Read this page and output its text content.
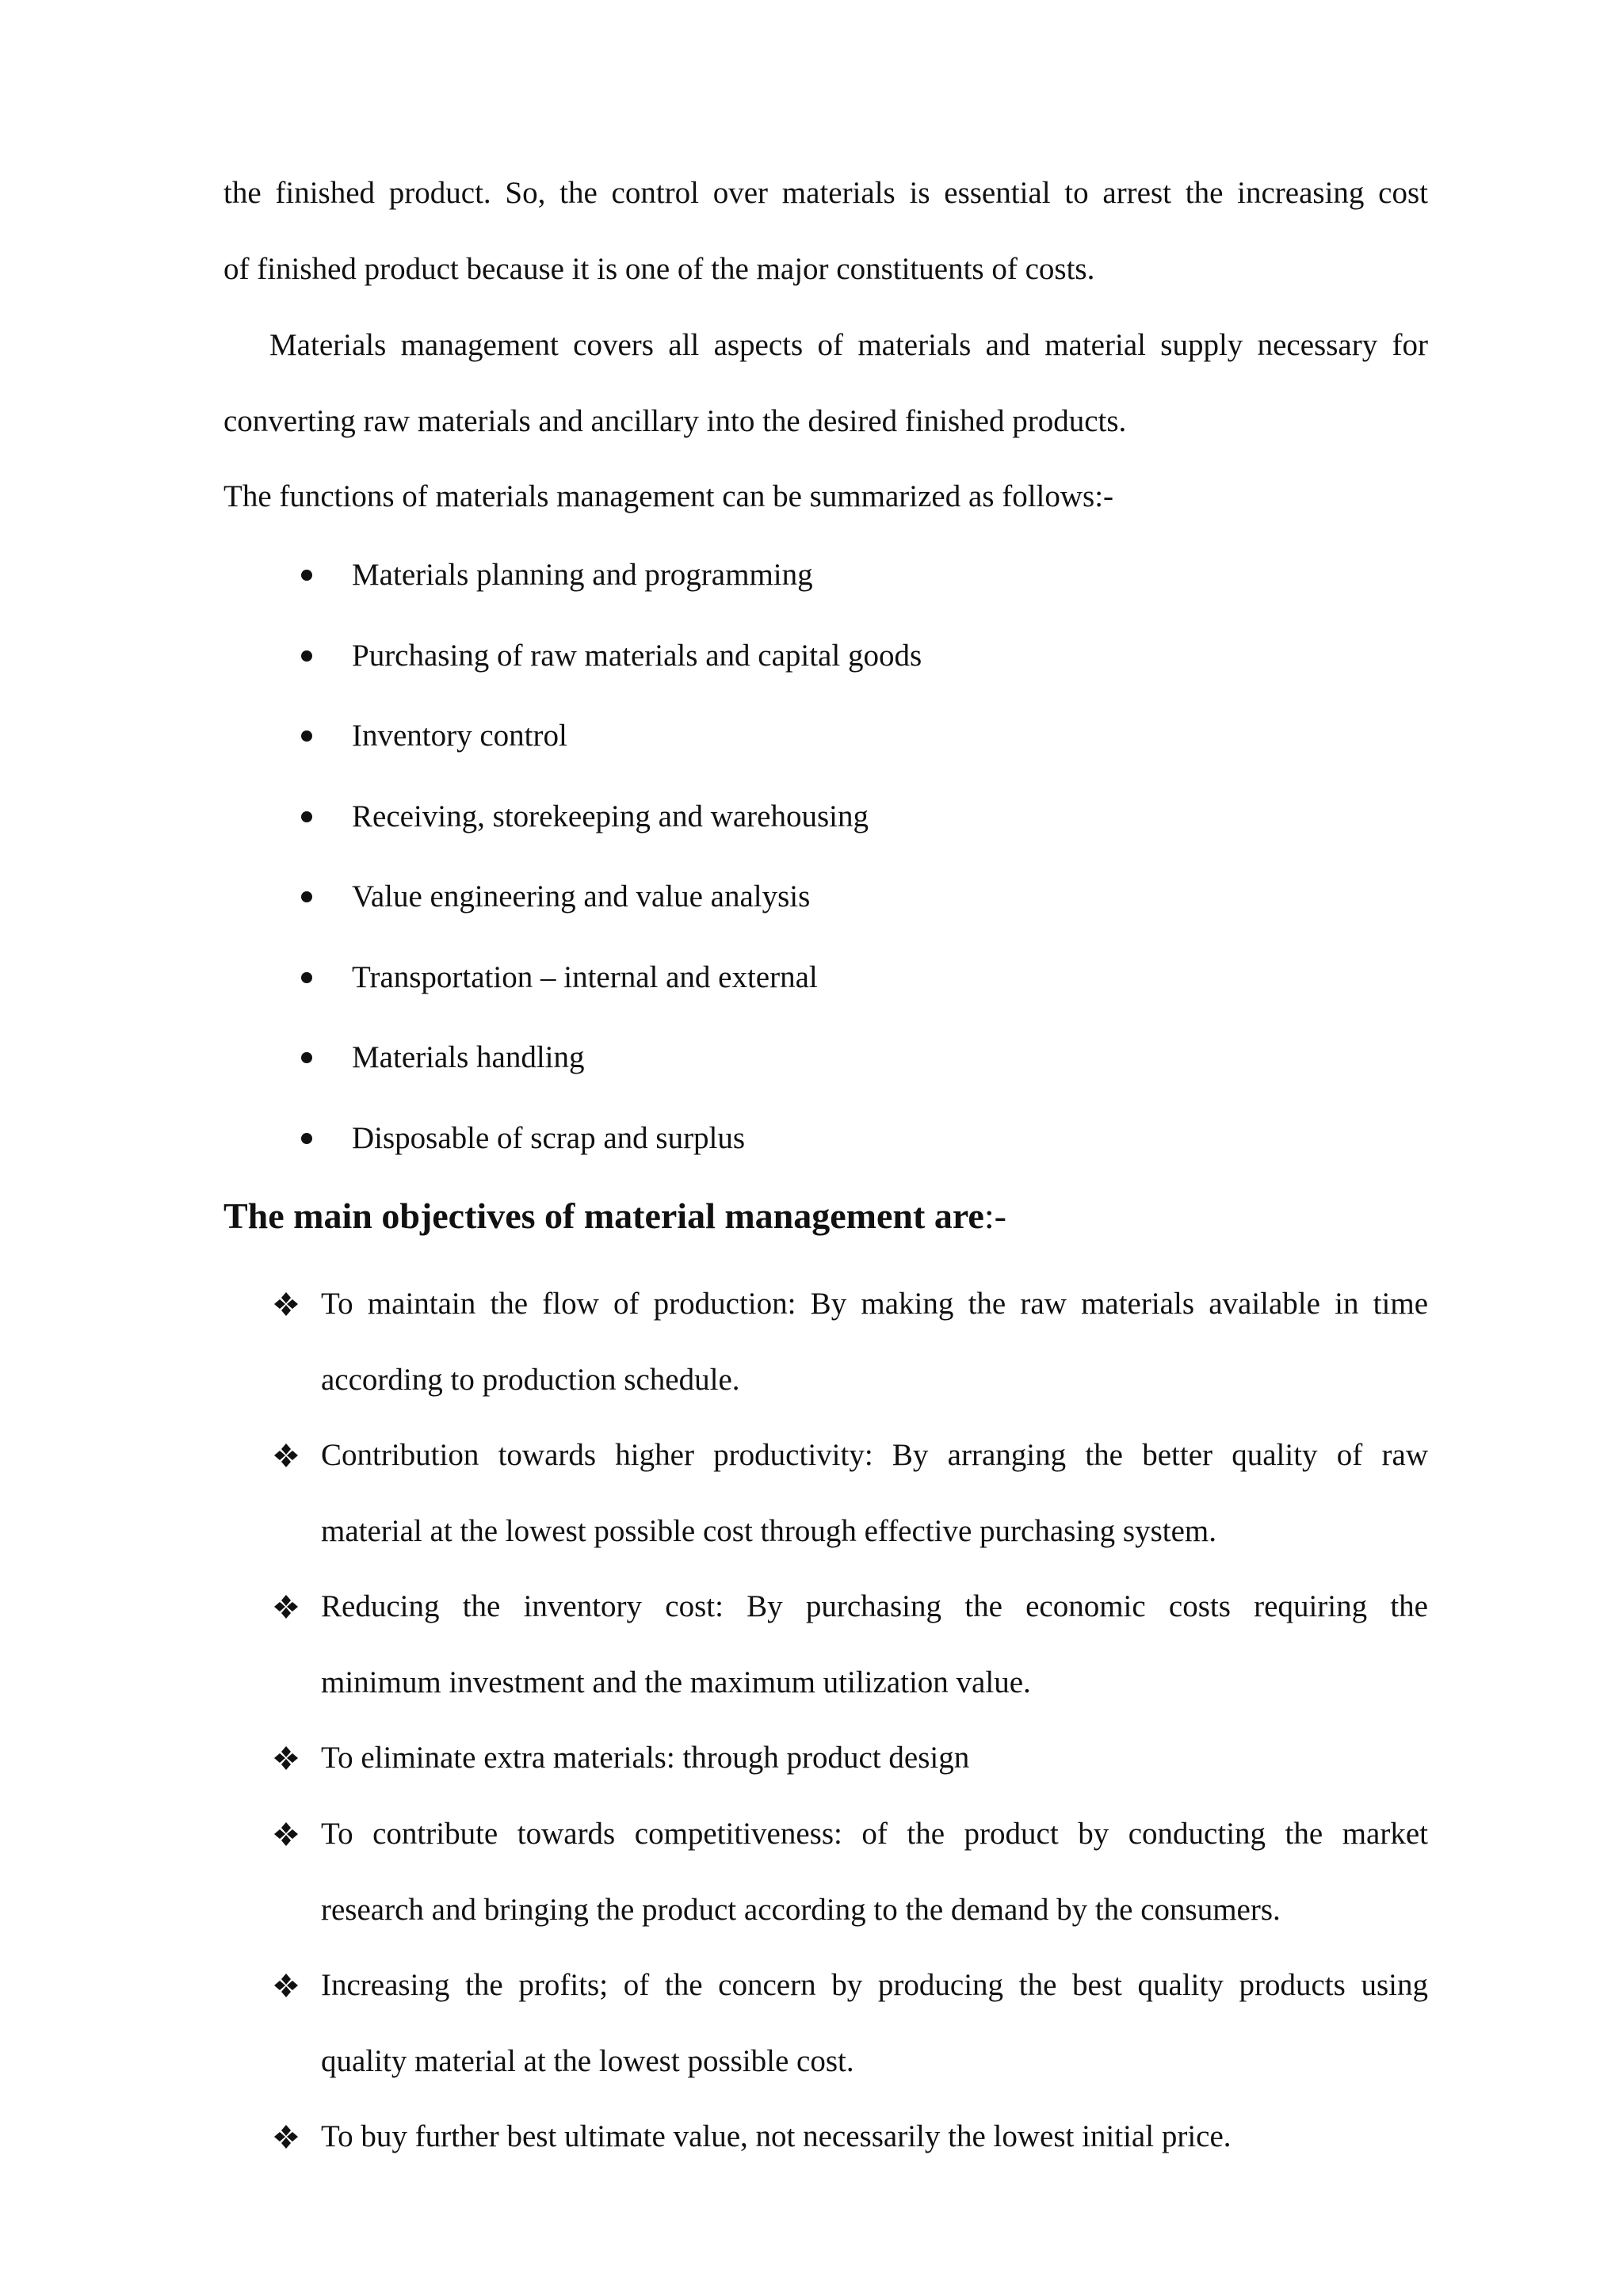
the finished product. So, the control over materials is essential to arrest the increasing cost
of finished product because it is one of the major constituents of costs.
Materials management covers all aspects of materials and material supply necessary for
converting raw materials and ancillary into the desired finished products.
The functions of materials management can be summarized as follows:-
Materials planning and programming
Purchasing of raw materials and capital goods
Inventory control
Receiving, storekeeping and warehousing
Value engineering and value analysis
Transportation – internal and external
Materials handling
Disposable of scrap and surplus
The main objectives of material management are:-
To maintain the flow of production: By making the raw materials available in time
according to production schedule.
Contribution towards higher productivity: By arranging the better quality of raw
material at the lowest possible cost through effective purchasing system.
Reducing the inventory cost: By purchasing the economic costs requiring the
minimum investment and the maximum utilization value.
To eliminate extra materials: through product design
To contribute towards competitiveness: of the product by conducting the market
research and bringing the product according to the demand by the consumers.
Increasing the profits; of the concern by producing the best quality products using
quality material at the lowest possible cost.
To buy further best ultimate value, not necessarily the lowest initial price.
